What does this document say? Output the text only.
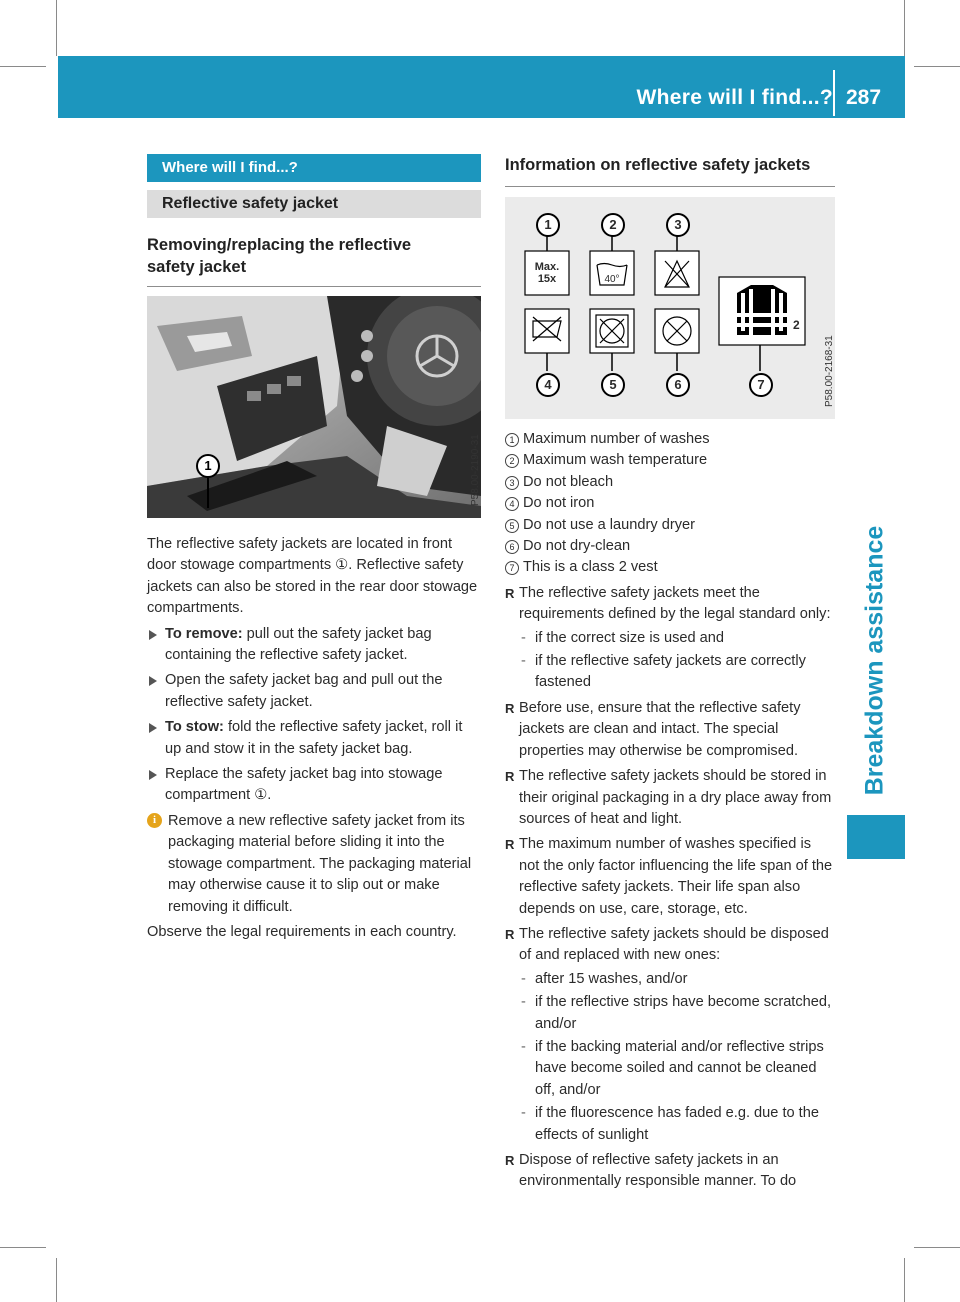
Where will I find...? 287
Breakdown assistance
Where will I find...?
Reflective safety jacket
Removing/replacing the reflective safety jacket
1	P58.00-2190-31

The reflective safety jackets are located in front door stowage compartments ①. Reflective safety jackets can also be stored in the rear door stowage compartments.

To remove: pull out the safety jacket bag containing the reflective safety jacket.
Open the safety jacket bag and pull out the reflective safety jacket.
To stow: fold the reflective safety jacket, roll it up and stow it in the safety jacket bag.
Replace the safety jacket bag into stowage compartment ①.
i Remove a new reflective safety jacket from its packaging material before sliding it into the stowage compartment. The packaging material may otherwise cause it to slip out or make removing it difficult.

Observe the legal requirements in each country.

Information on reflective safety jackets
Max.
15x	40°
2
1	2	3
4	5	6	7	P58.00-2168-31
1 Maximum number of washes
2 Maximum wash temperature
3 Do not bleach
4 Do not iron
5 Do not use a laundry dryer
6 Do not dry-clean
7 This is a class 2 vest
R The reflective safety jackets meet the requirements defined by the legal standard only:
- if the correct size is used and
- if the reflective safety jackets are correctly fastened
R Before use, ensure that the reflective safety jackets are clean and intact. The special properties may otherwise be compromised.
R The reflective safety jackets should be stored in their original packaging in a dry place away from sources of heat and light.
R The maximum number of washes specified is not the only factor influencing the life span of the reflective safety jackets. Their life span also depends on use, care, storage, etc.
R The reflective safety jackets should be disposed of and replaced with new ones:
- after 15 washes, and/or
- if the reflective strips have become scratched, and/or
- if the backing material and/or reflective strips have become soiled and cannot be cleaned off, and/or
- if the fluorescence has faded e.g. due to the effects of sunlight
R Dispose of reflective safety jackets in an environmentally responsible manner. To do
